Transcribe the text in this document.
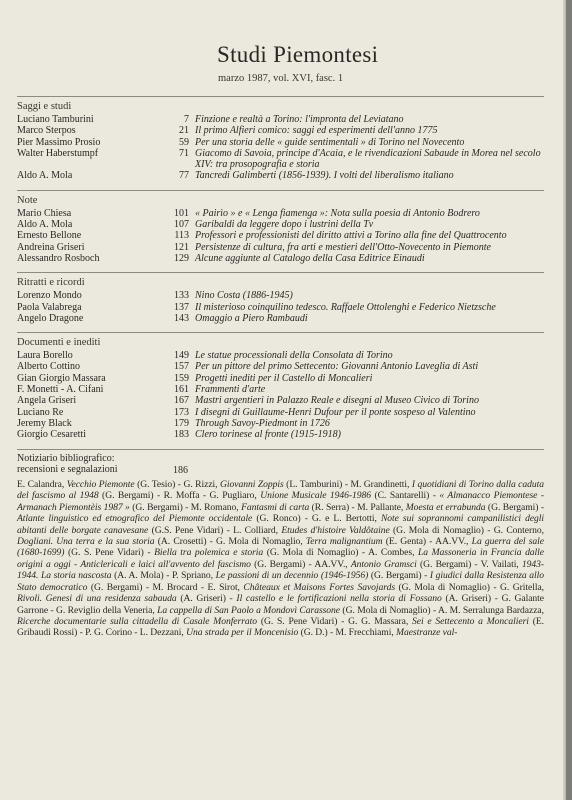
Studi Piemontesi
marzo 1987, vol. XVI, fasc. 1
Saggi e studi
Luciano Tamburini	7 Finzione e realtà a Torino: l'impronta del Leviatano
Marco Sterpos	21 Il primo Alfieri comico: saggi ed esperimenti dell'anno 1775
Pier Massimo Prosio	59 Per una storia delle « guide sentimentali » di Torino nel Novecento
Walter Haberstumpf	71 Giacomo di Savoia, principe d'Acaia, e le rivendicazioni Sabaude in Morea nel secolo XIV: tra prosopografia e storia
Aldo A. Mola	77 Tancredi Galimberti (1856-1939). I volti del liberalismo italiano
Note
Mario Chiesa	101 « Pairìo » e « Lenga fiamenga »: Nota sulla poesia di Antonio Bodrero
Aldo A. Mola	107 Garibaldi da leggere dopo i lustrini della Tv
Ernesto Bellone	113 Professori e professionisti del diritto attivi a Torino alla fine del Quattrocento
Andreina Griseri	121 Persistenze di cultura, fra arti e mestieri dell'Otto-Novecento in Piemonte
Alessandro Rosboch	129 Alcune aggiunte al Catalogo della Casa Editrice Einaudi
Ritratti e ricordi
Lorenzo Mondo	133 Nino Costa (1886-1945)
Paola Valabrega	137 Il misterioso coinquilino tedesco. Raffaele Ottolenghi e Federico Nietzsche
Angelo Dragone	143 Omaggio a Piero Rambaudi
Documenti e inediti
Laura Borello	149 Le statue processionali della Consolata di Torino
Alberto Cottino	157 Per un pittore del primo Settecento: Giovanni Antonio Laveglia di Asti
Gian Giorgio Massara	159 Progetti inediti per il Castello di Moncalieri
F. Monetti - A. Cifani	161 Frammenti d'arte
Angela Griseri	167 Mastri argentieri in Palazzo Reale e disegni al Museo Civico di Torino
Luciano Re	173 I disegni di Guillaume-Henri Dufour per il ponte sospeso al Valentino
Jeremy Black	179 Through Savoy-Piedmont in 1726
Giorgio Cesaretti	183 Clero torinese al fronte (1915-1918)
Notiziario bibliografico:
recensioni e segnalazioni	186
E. Calandra, Vecchio Piemonte (G. Tesio) - G. Rizzi, Giovanni Zoppis (L. Tamburini) - M. Grandinetti, I quotidiani di Torino dalla caduta del fascismo al 1948 (G. Bergami) - R. Moffa - G. Pugliaro, Unione Musicale 1946-1986 (C. Santarelli) - « Almanacco Piemontese - Armanach Piemontèis 1987 » (G. Bergami) - M. Romano, Fantasmi di carta (R. Serra) - M. Pallante, Moesta et errabunda (G. Bergami) - Atlante linguistico ed etnografico del Piemonte occidentale (G. Ronco) - G. e L. Bertotti, Note sui soprannomi campanilistici degli abitanti delle borgate canavesane (G.S. Pene Vidari) - L. Colliard, Etudes d'histoire Valdôtaine (G. Mola di Nomaglio) - G. Conterno, Dogliani. Una terra e la sua storia (A. Crosetti) - G. Mola di Nomaglio, Terra malignantium (E. Genta) - AA.VV., La guerra del sale (1680-1699) (G. S. Pene Vidari) - Biella tra polemica e storia (G. Mola di Nomaglio) - A. Combes, La Massoneria in Francia dalle origini a oggi - Anticlericali e laici all'avvento del fascismo (G. Bergami) - AA.VV., Antonio Gramsci (G. Bergami) - V. Vailati, 1943-1944. La storia nascosta (A. A. Mola) - P. Spriano, Le passioni di un decennio (1946-1956) (G. Bergami) - I giudici dalla Resistenza allo Stato democratico (G. Bergami) - M. Brocard - E. Sirot, Châteaux et Maisons Fortes Savojards (G. Mola di Nomaglio) - G. Gritella, Rivoli. Genesi di una residenza sabauda (A. Griseri) - Il castello e le fortificazioni nella storia di Fossano (A. Griseri) - G. Galante Garrone - G. Reviglio della Veneria, La cappella di San Paolo a Mondovì Carassone (G. Mola di Nomaglio) - A. M. Serralunga Bardazza, Ricerche documentarie sulla cittadella di Casale Monferrato (G. S. Pene Vidari) - G. G. Massara, Sei e Settecento a Moncalieri (E. Gribaudi Rossi) - P. G. Corino - L. Dezzani, Una strada per il Moncenisio (G. D.) - M. Frecchiami, Maestranze val-
